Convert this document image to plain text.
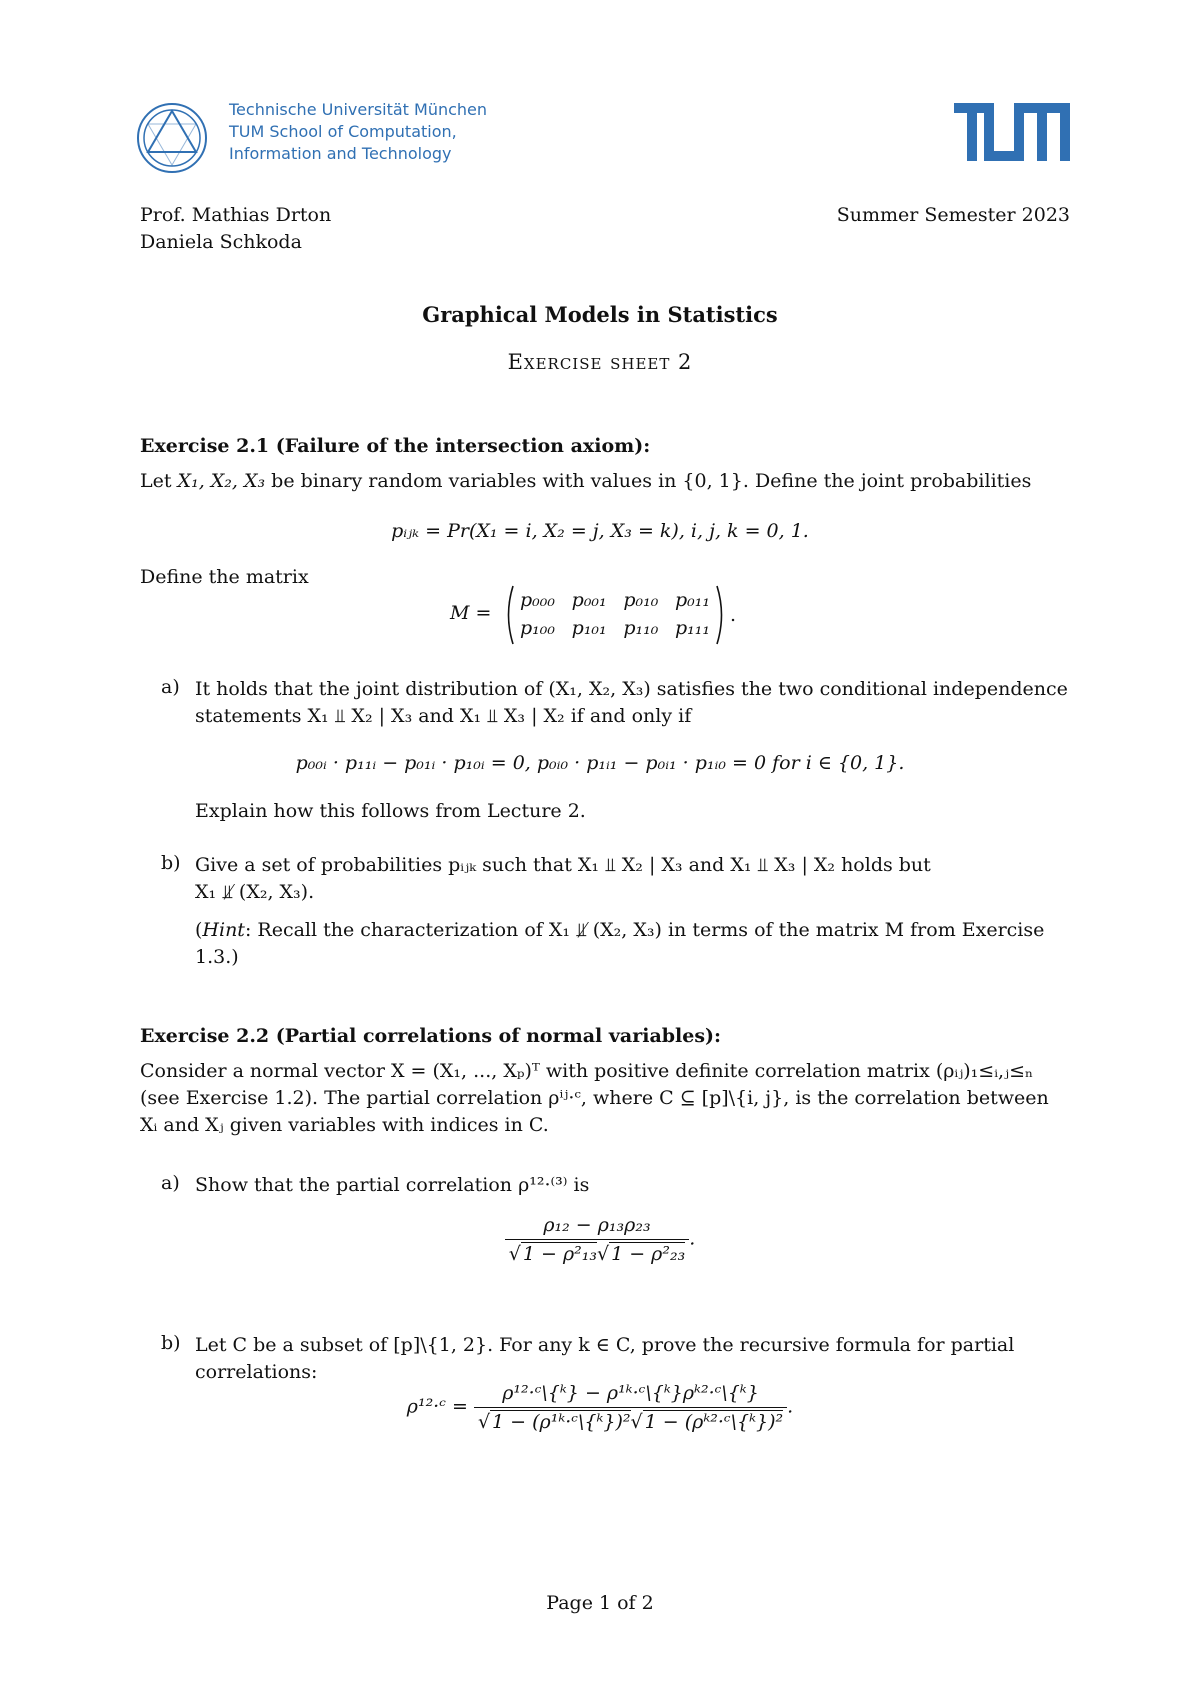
Technische Universität München
TUM School of Computation,
Information and Technology
Prof. Mathias Drton
Daniela Schkoda
Summer Semester 2023
Graphical Models in Statistics
Exercise sheet 2
Exercise 2.1 (Failure of the intersection axiom):
Let X₁, X₂, X₃ be binary random variables with values in {0, 1}. Define the joint probabilities
pᵢⱼₖ = Pr(X₁ = i, X₂ = j, X₃ = k), i, j, k = 0, 1.
Define the matrix
M =
p₀₀₀ p₀₀₁ p₀₁₀ p₀₁₁
p₁₀₀ p₁₀₁ p₁₁₀ p₁₁₁
.
a) It holds that the joint distribution of (X₁, X₂, X₃) satisfies the two conditional independence
statements X₁ ⫫ X₂ | X₃ and X₁ ⫫ X₃ | X₂ if and only if
p₀₀ᵢ · p₁₁ᵢ − p₀₁ᵢ · p₁₀ᵢ = 0, p₀ᵢ₀ · p₁ᵢ₁ − p₀ᵢ₁ · p₁ᵢ₀ = 0 for i ∈ {0, 1}.
Explain how this follows from Lecture 2.
b) Give a set of probabilities pᵢⱼₖ such that X₁ ⫫ X₂ | X₃ and X₁ ⫫ X₃ | X₂ holds but
X₁ ⫫̸ (X₂, X₃).
(Hint: Recall the characterization of X₁ ⫫̸ (X₂, X₃) in terms of the matrix M from Exercise
1.3.)
Exercise 2.2 (Partial correlations of normal variables):
Consider a normal vector X = (X₁, ..., Xₚ)ᵀ with positive definite correlation matrix (ρᵢⱼ)₁≤ᵢ,ⱼ≤ₙ
(see Exercise 1.2). The partial correlation ρⁱʲ·ᶜ, where C ⊆ [p]\{i, j}, is the correlation between
Xᵢ and Xⱼ given variables with indices in C.
a) Show that the partial correlation ρ¹²·⁽³⁾ is
$\frac{\text{ρ₁₂ − ρ₁₃ρ₂₃}}{\text{√ 1 − ρ²₁₃√ 1 − ρ²₂₃}}$ .
b) Let C be a subset of [p]\{1, 2}. For any k ∈ C, prove the recursive formula for partial
correlations:
ρ¹²·ᶜ = $\frac{\text{ρ¹²·ᶜ\textbackslash{}\{ᵏ\} − ρ¹ᵏ·ᶜ\textbackslash{}\{ᵏ\}ρᵏ²·ᶜ\textbackslash{}\{ᵏ\}}}{\text{√ 1 − (ρ¹ᵏ·ᶜ\textbackslash{}\{ᵏ\})²√ 1 − (ρᵏ²·ᶜ\textbackslash{}\{ᵏ\})²}}$ .
Page 1 of 2
